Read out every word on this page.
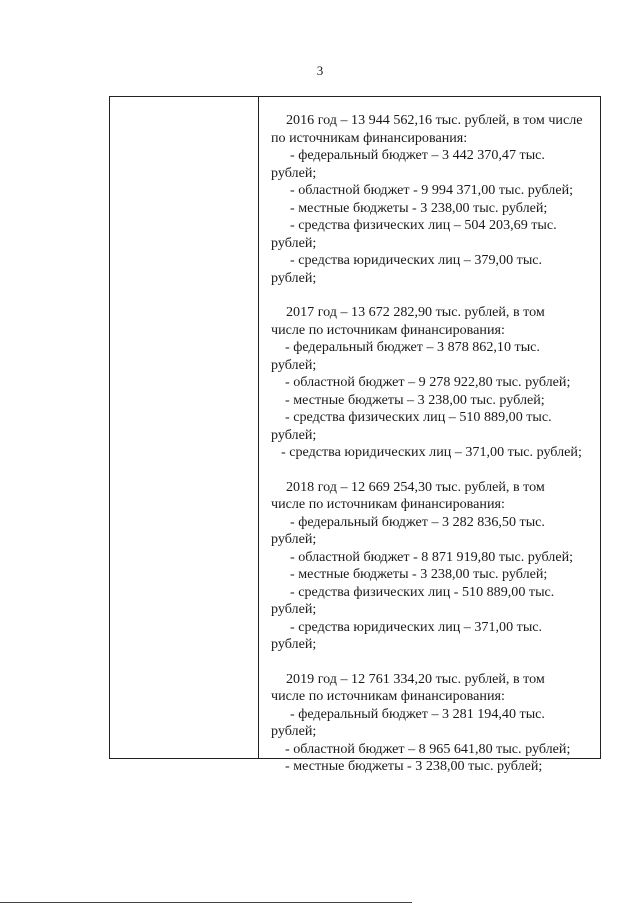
3
2016 год – 13 944 562,16 тыс. рублей, в том числе
по источникам финансирования:
- федеральный бюджет – 3 442 370,47 тыс.
рублей;
- областной бюджет - 9 994 371,00 тыс. рублей;
- местные бюджеты - 3 238,00 тыс. рублей;
- средства физических лиц – 504 203,69 тыс.
рублей;
- средства юридических лиц – 379,00 тыс.
рублей;
2017 год – 13 672 282,90 тыс. рублей, в том
числе по источникам финансирования:
- федеральный бюджет – 3 878 862,10 тыс.
рублей;
- областной бюджет – 9 278 922,80 тыс. рублей;
- местные бюджеты – 3 238,00 тыс. рублей;
- средства физических лиц – 510 889,00 тыс.
рублей;
- средства юридических лиц – 371,00 тыс. рублей;
2018 год – 12 669 254,30 тыс. рублей, в том
числе по источникам финансирования:
- федеральный бюджет – 3 282 836,50 тыс.
рублей;
- областной бюджет - 8 871 919,80 тыс. рублей;
- местные бюджеты - 3 238,00 тыс. рублей;
- средства физических лиц - 510 889,00 тыс.
рублей;
- средства юридических лиц – 371,00 тыс.
рублей;
2019 год – 12 761 334,20 тыс. рублей, в том
числе по источникам финансирования:
- федеральный бюджет – 3 281 194,40 тыс.
рублей;
- областной бюджет – 8 965 641,80 тыс. рублей;
- местные бюджеты - 3 238,00 тыс. рублей;
